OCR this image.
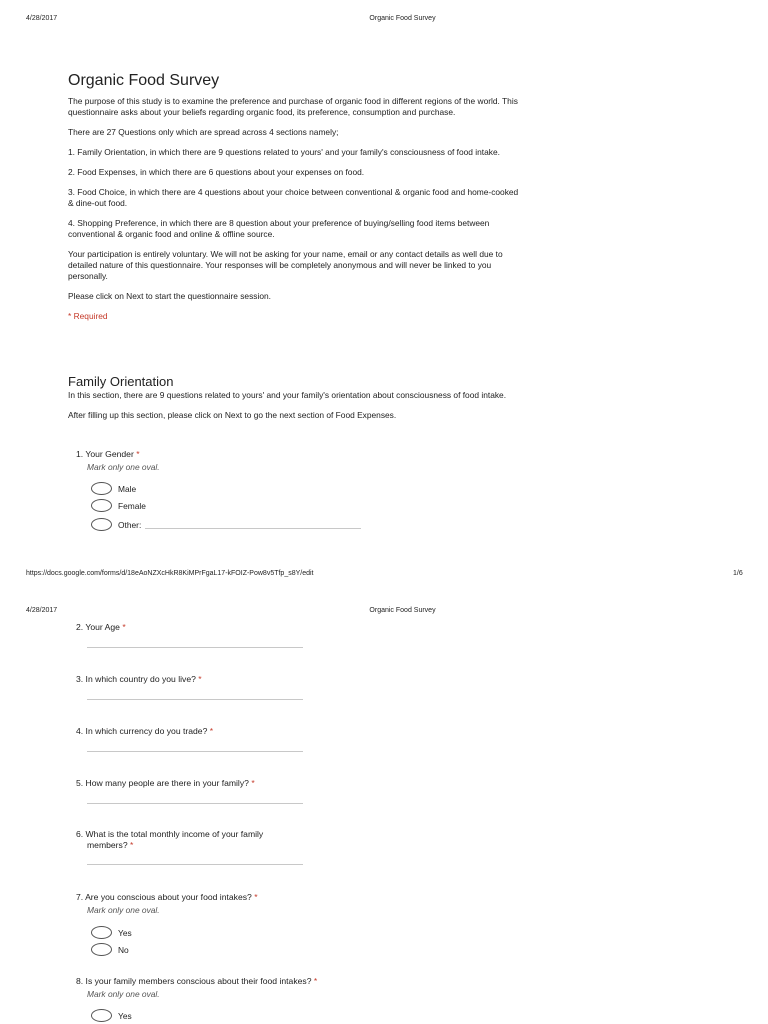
4/28/2017	Organic Food Survey
Organic Food Survey

The purpose of this study is to examine the preference and purchase of organic food in different regions of the world. This questionnaire asks about your beliefs regarding organic food, its preference, consumption and purchase.

There are 27 Questions only which are spread across 4 sections namely;

1. Family Orientation, in which there are 9 questions related to yours' and your family's consciousness of food intake.

2. Food Expenses, in which there are 6 questions about your expenses on food.

3. Food Choice, in which there are 4 questions about your choice between conventional & organic food and home-cooked & dine-out food.

4. Shopping Preference, in which there are 8 question about your preference of buying/selling food items between conventional & organic food and online & offline source.

Your participation is entirely voluntary. We will not be asking for your name, email or any contact details as well due to detailed nature of this questionnaire. Your responses will be completely anonymous and will never be linked to you personally.

Please click on Next to start the questionnaire session.

* Required

Family Orientation

In this section, there are 9 questions related to yours' and your family's orientation about consciousness of food intake.

After filling up this section, please click on Next to go the next section of Food Expenses.

1. Your Gender *
Mark only one oval.
Male
Female
Other:
https://docs.google.com/forms/d/18eAoNZXcHkR8KiMPrFgaL17-kFOIZ-Pow8v5Tfp_s8Y/edit	1/6
4/28/2017	Organic Food Survey
2. Your Age *
3. In which country do you live? *
4. In which currency do you trade? *
5. How many people are there in your family? *
6. What is the total monthly income of your family
members? *
7. Are you conscious about your food intakes? *
Mark only one oval.
Yes
No
8. Is your family members conscious about their food intakes? *
Mark only one oval.
Yes
